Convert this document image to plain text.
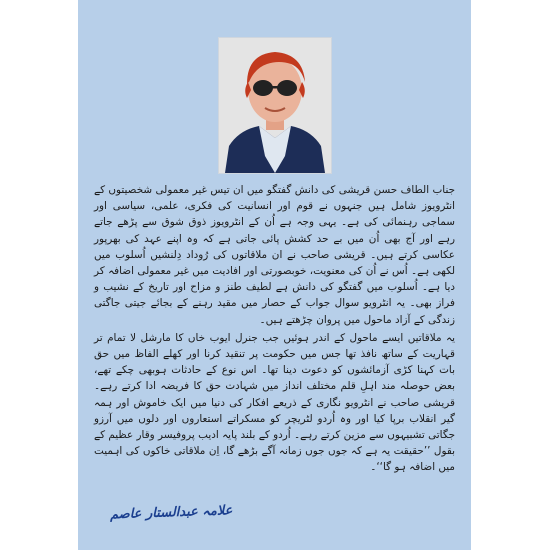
جناب الطاف حسن قریشی کی دانش گفتگو میں ان تیس غیر معمولی شخصیتوں کے انٹرویوز شامل ہیں جنہوں نے قوم اور انسانیت کی فکری، علمی، سیاسی اور سماجی رہنمائی کی ہے۔ یہی وجہ ہے اُن کے انٹرویوز ذوق شوق سے پڑھے جاتے رہے اور آج بھی اُن میں بے حد کشش پائی جاتی ہے کہ وہ اپنے عہد کی بھرپور عکاسی کرتے ہیں۔ قریشی صاحب نے ان ملاقاتوں کی رُوداد دِلنشیں اُسلوب میں لکھی ہے۔ اُس نے اُن کی معنویت، خوبصورتی اور افادیت میں غیر معمولی اضافہ کر دیا ہے۔ اُسلوب میں گفتگو کی دانش ہے لطیف طنز و مزاح اور تاریخ کے نشیب و فراز بھی۔ یہ انٹرویو سوال جواب کے حصار میں مقید رہنے کے بجائے جیتی جاگتی زندگی کے آزاد ماحول میں پروان چڑھتے ہیں۔

یہ ملاقاتیں ایسے ماحول کے اندر ہوئیں جب جنرل ایوب خاں کا مارشل لا تمام تر قہاریت کے ساتھ نافذ تھا جس میں حکومت پر تنقید کرنا اور کھلے الفاظ میں حق بات کہنا کڑی آزمائشوں کو دعوت دینا تھا۔ اس نوع کے حادثات ہوبھی چکے تھے، بعض حوصلہ مند اہلِ قلم مختلف انداز میں شہادت حق کا فریضہ ادا کرتے رہے۔ قریشی صاحب نے انٹرویو نگاری کے ذریعے افکار کی دنیا میں ایک خاموش اور ہمہ گیر انقلاب برپا کیا اور وہ اُردو لٹریچر کو مسکراتے استعاروں اور دلوں میں آرزو جگاتی تشبیہوں سے مزین کرتے رہے۔ اُردو کے بلند پایہ ادیب پروفیسر وقار عظیم کے بقول ’’حقیقت یہ ہے کہ جوں جوں زمانہ آگے بڑھے گا، اِن ملاقاتی خاکوں کی اہمیت میں اضافہ ہو گا‘‘۔

علامہ عبدالستار عاصم
